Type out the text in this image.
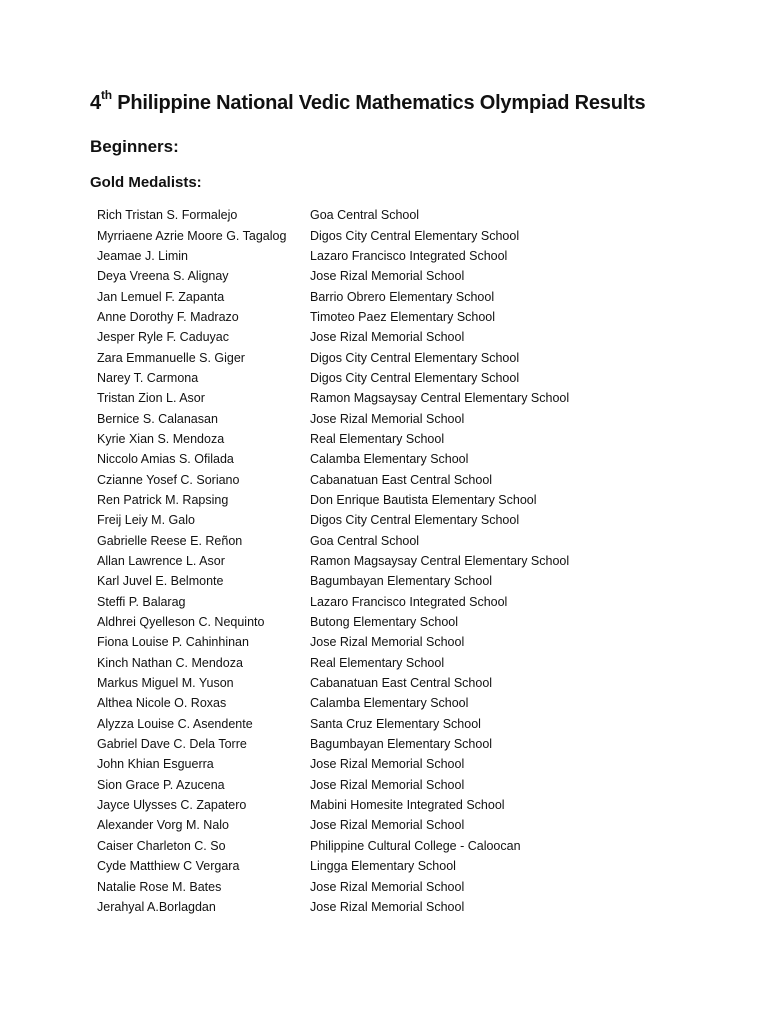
4th Philippine National Vedic Mathematics Olympiad Results
Beginners:
Gold Medalists:
Rich Tristan S. Formalejo	Goa Central School
Myrriaene Azrie Moore G. Tagalog	Digos City Central Elementary School
Jeamae J. Limin	Lazaro Francisco Integrated School
Deya Vreena S. Alignay	Jose Rizal Memorial School
Jan Lemuel F. Zapanta	Barrio Obrero Elementary School
Anne Dorothy F. Madrazo	Timoteo Paez Elementary School
Jesper Ryle F. Caduyac	Jose Rizal Memorial School
Zara Emmanuelle S. Giger	Digos City Central Elementary School
Narey T. Carmona	Digos City Central Elementary School
Tristan Zion L. Asor	Ramon Magsaysay Central Elementary School
Bernice S. Calanasan	Jose Rizal Memorial School
Kyrie Xian S. Mendoza	Real Elementary School
Niccolo Amias S. Ofilada	Calamba Elementary School
Czianne Yosef C. Soriano	Cabanatuan East Central School
Ren Patrick M. Rapsing	Don Enrique Bautista Elementary School
Freij Leiy M. Galo	Digos City Central Elementary School
Gabrielle Reese E. Reñon	Goa Central School
Allan Lawrence L. Asor	Ramon Magsaysay Central Elementary School
Karl Juvel E. Belmonte	Bagumbayan Elementary School
Steffi P. Balarag	Lazaro Francisco Integrated School
Aldhrei Qyelleson C. Nequinto	Butong Elementary School
Fiona Louise P. Cahinhinan	Jose Rizal Memorial School
Kinch Nathan C. Mendoza	Real Elementary School
Markus Miguel M. Yuson	Cabanatuan East Central School
Althea Nicole O. Roxas	Calamba Elementary School
Alyzza Louise C. Asendente	Santa Cruz Elementary School
Gabriel Dave C. Dela Torre	Bagumbayan Elementary School
John Khian Esguerra	Jose Rizal Memorial School
Sion Grace P. Azucena	Jose Rizal Memorial School
Jayce Ulysses C. Zapatero	Mabini Homesite Integrated School
Alexander Vorg M. Nalo	Jose Rizal Memorial School
Caiser Charleton C. So	Philippine Cultural College - Caloocan
Cyde Matthiew C Vergara	Lingga Elementary School
Natalie Rose M. Bates	Jose Rizal Memorial School
Jerahyal A.Borlagdan	Jose Rizal Memorial School
